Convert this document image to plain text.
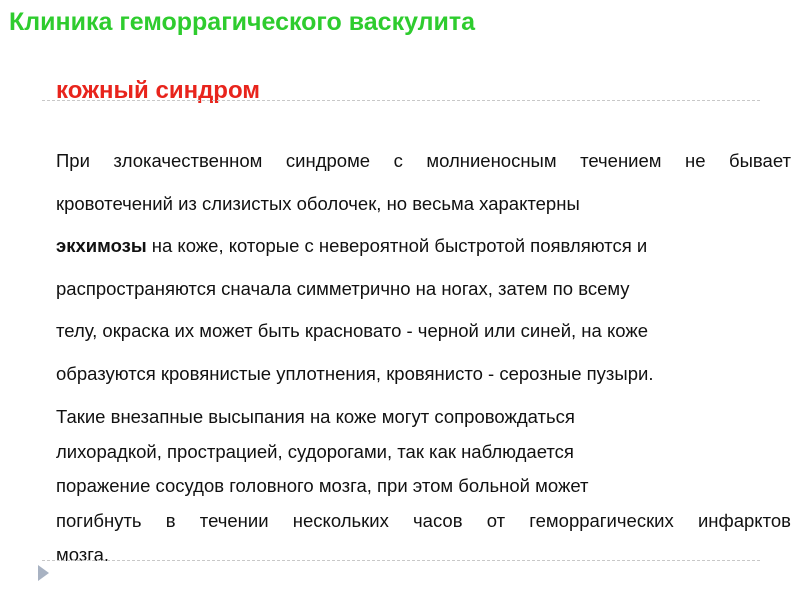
Клиника геморрагического васкулита
кожный синдром
При злокачественном синдроме с молниеносным течением не бывает
кровотечений из слизистых оболочек, но весьма характерны
экхимозы на коже, которые с невероятной быстротой появляются и
распространяются сначала симметрично на ногах, затем по всему
телу, окраска их может быть красновато - черной или синей, на коже
образуются кровянистые уплотнения, кровянисто - серозные пузыри.
Такие внезапные высыпания на коже могут сопровождаться
лихорадкой, прострацией, судорогами, так как наблюдается
поражение сосудов головного мозга, при этом больной может
погибнуть в течении нескольких часов от геморрагических инфарктов
мозга.
